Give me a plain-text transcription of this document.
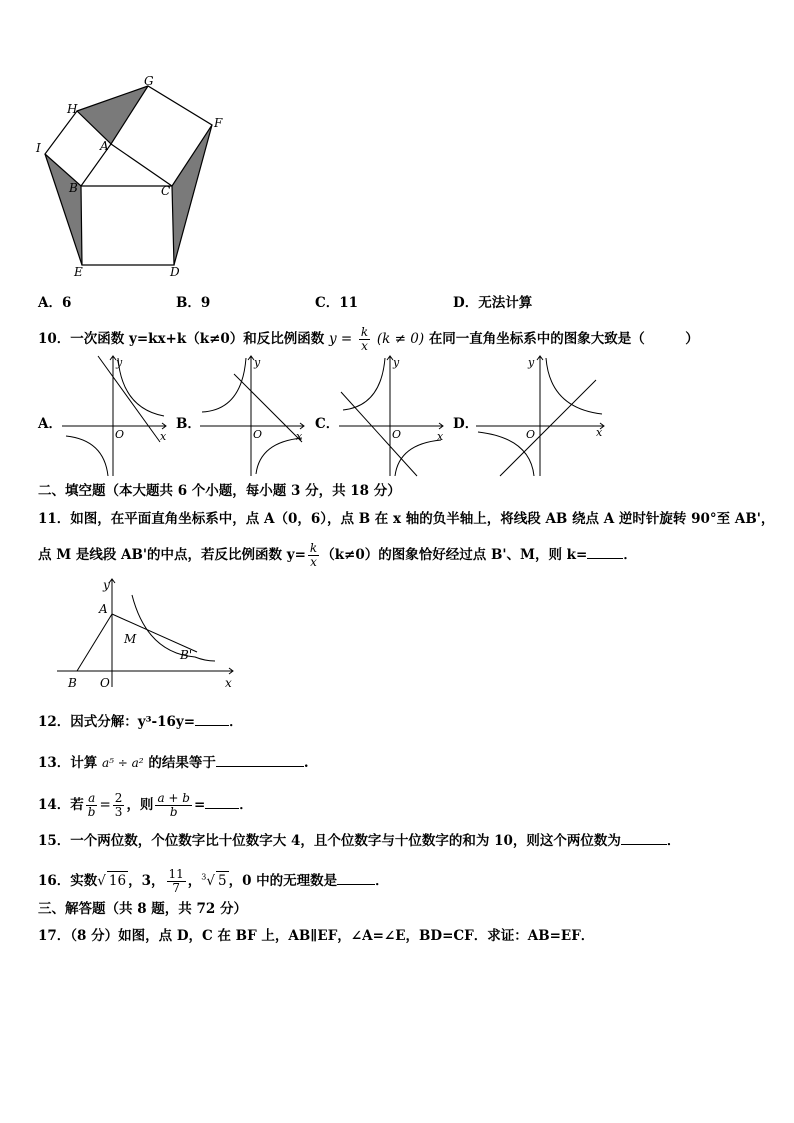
G
H
F
I	A
B	C
E	D
A．6	B．9	C．11	D．无法计算
10．一次函数 y=kx+k（k≠0）和反比例函数 $y = \frac{k}{x} (k \ne 0)$ 在同一直角坐标系中的图象大致是（　　　）
A．	B．	C．	D．
y
x
O
y
x
O
y
x
O
y
x
O
二、填空题（本大题共 6 个小题，每小题 3 分，共 18 分）
11．如图，在平面直角坐标系中，点 A（0，6），点 B 在 x 轴的负半轴上，将线段 AB 绕点 A 逆时针旋转 90°至 AB'，
点 M 是线段 AB'的中点，若反比例函数 $y= \frac{k}{x} (k\ne 0)$的图象恰好经过点 B'、M，则 k=	．
y
A
M
B'
B O	x
12．因式分解：y³-16y=	．
13．计算 a⁵ ÷ a² 的结果等于	.
14．若 $\frac{a}{b} = \frac{2}{3}$ ，则 $\frac{a + b}{b}$ =	．
15．一个两位数，个位数字比十位数字大 4，且个位数字与十位数字的和为 10，则这个两位数为	．
16．实数√ 16 ，3， $\frac{11}{7}$ ，$^3$√ 5 ，0 中的无理数是	．
三、解答题（共 8 题，共 72 分）
17．（8 分）如图，点 D，C 在 BF 上，AB∥EF，∠A=∠E，BD=CF．求证：AB=EF．
